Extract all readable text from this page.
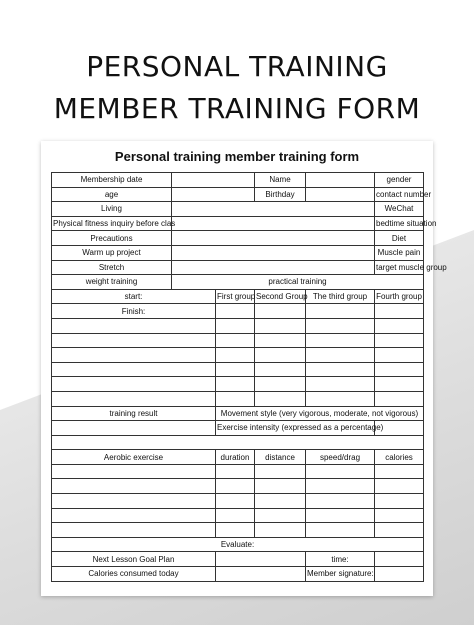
PERSONAL TRAINING
MEMBER TRAINING FORM
Personal training member training form
Membership date			Name		gender
age			Birthday		contact number
Living					WeChat
Physical fitness inquiry before clas					bedtime situation
Precautions					Diet
Warm up project					Muscle pain
Stretch					target muscle group
weight training	practical training				
start:		First group	Second Group	The third group	Fourth group
Finish:					

training result		Movement style (very vigorous, moderate, not vigorous)			
		Exercise intensity (expressed as a percentage)			

Aerobic exercise		duration	distance	speed/drag	calories

Evaluate:					
Next Lesson Goal Plan				time:	
Calories consumed today				Member signature:	
